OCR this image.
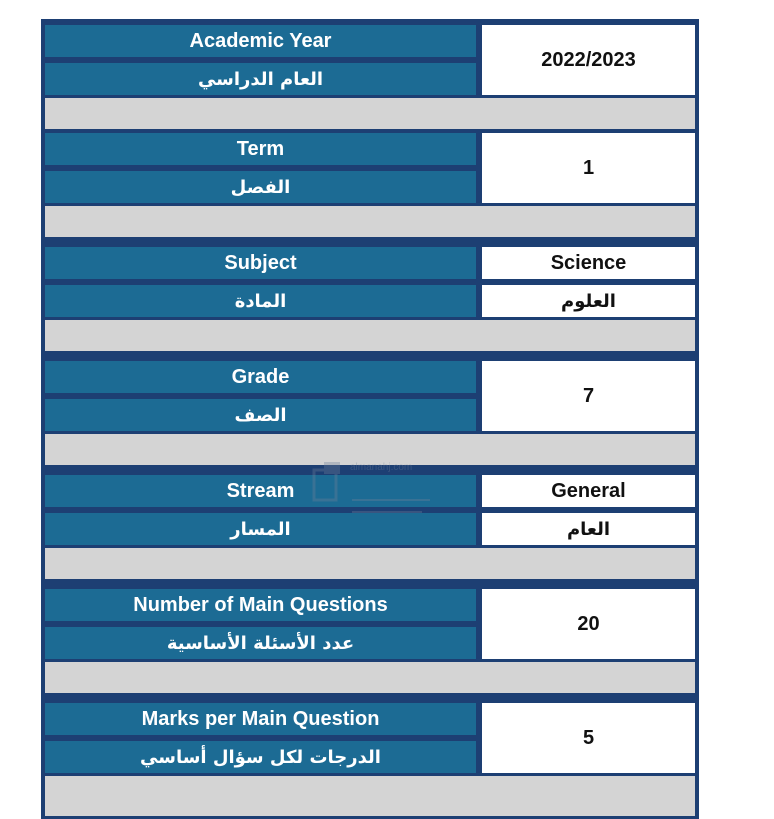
Academic Year
العام الدراسي
2022/2023
Term
الفصل
1
Subject
المادة
Science
العلوم
Grade
الصف
7
Stream
المسار
General
العام
Number of Main Questions
عدد الأسئلة الأساسية
20
Marks per Main Question
الدرجات لكل سؤال أساسي
5
almanahj.com
